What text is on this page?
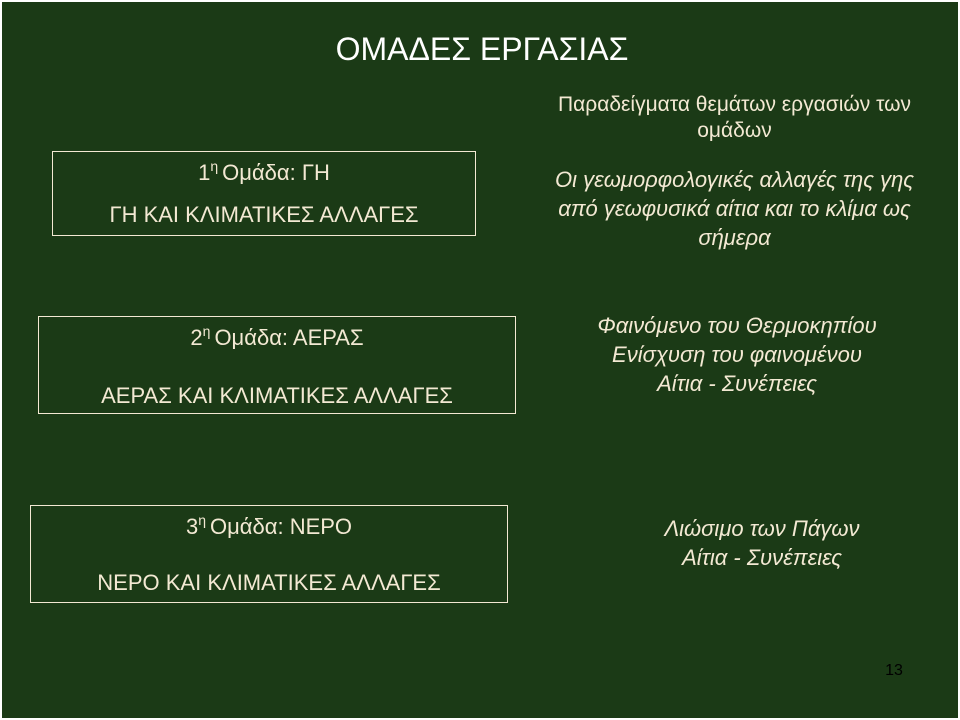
ΟΜΑΔΕΣ ΕΡΓΑΣΙΑΣ
Παραδείγματα θεμάτων εργασιών των
ομάδων
$1^\eta$ Ομάδα: ΓΗ
ΓΗ ΚΑΙ ΚΛΙΜΑΤΙΚΕΣ ΑΛΛΑΓΕΣ
Οι γεωμορφολογικές αλλαγές της γης
από γεωφυσικά αίτια και το κλίμα ως
σήμερα
$2^\eta$ Ομάδα: ΑΕΡΑΣ
ΑΕΡΑΣ ΚΑΙ ΚΛΙΜΑΤΙΚΕΣ ΑΛΛΑΓΕΣ
Φαινόμενο του Θερμοκηπίου
Ενίσχυση του φαινομένου
Αίτια - Συνέπειες
$3^\eta$ Ομάδα: ΝΕΡΟ
ΝΕΡΟ ΚΑΙ ΚΛΙΜΑΤΙΚΕΣ ΑΛΛΑΓΕΣ
Λιώσιμο των Πάγων
Αίτια - Συνέπειες
13
